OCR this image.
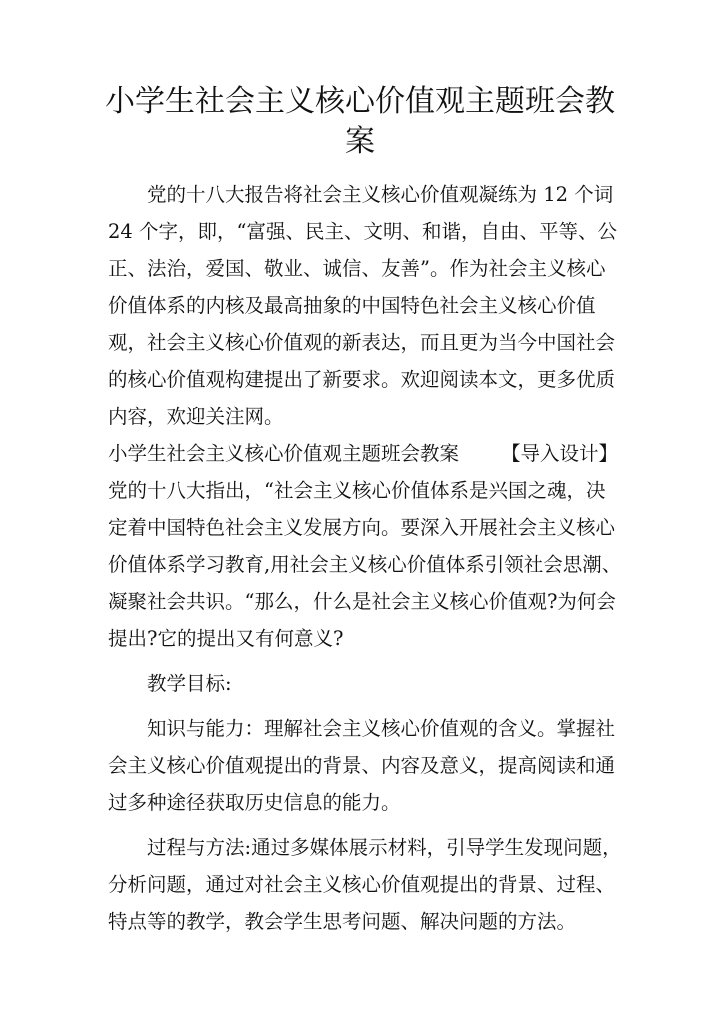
小学生社会主义核心价值观主题班会教
案
党的十八大报告将社会主义核心价值观凝练为 12 个词
24 个字，即，“富强、民主、文明、和谐，自由、平等、公
正、法治，爱国、敬业、诚信、友善”。作为社会主义核心
价值体系的内核及最高抽象的中国特色社会主义核心价值
观，社会主义核心价值观的新表达，而且更为当今中国社会
的核心价值观构建提出了新要求。欢迎阅读本文，更多优质
内容，欢迎关注网。
小学生社会主义核心价值观主题班会教案 【导入设计】
党的十八大指出，“社会主义核心价值体系是兴国之魂，决
定着中国特色社会主义发展方向。要深入开展社会主义核心
价值体系学习教育,用社会主义核心价值体系引领社会思潮、
凝聚社会共识。“那么，什么是社会主义核心价值观?为何会
提出?它的提出又有何意义?
教学目标:
知识与能力：理解社会主义核心价值观的含义。掌握社
会主义核心价值观提出的背景、内容及意义，提高阅读和通
过多种途径获取历史信息的能力。
过程与方法:通过多媒体展示材料，引导学生发现问题，
分析问题，通过对社会主义核心价值观提出的背景、过程、
特点等的教学，教会学生思考问题、解决问题的方法。
